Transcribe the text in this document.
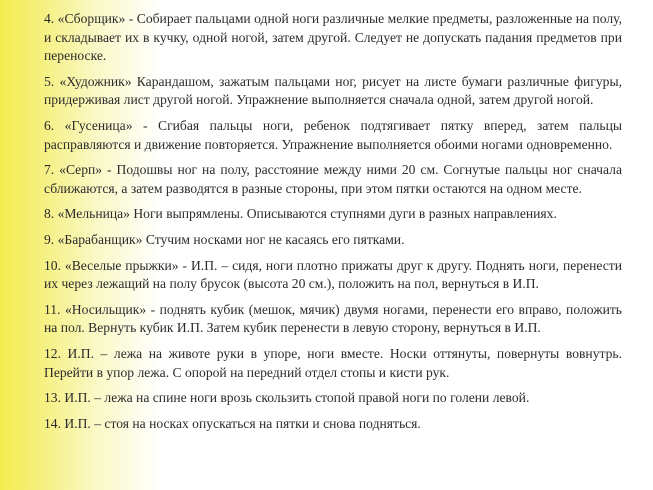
4. «Сборщик» - Собирает пальцами одной ноги различные мелкие предметы, разложенные на полу, и складывает их в кучку, одной ногой, затем другой. Следует не допускать падания предметов при переноске.

5. «Художник» Карандашом, зажатым пальцами ног, рисует на листе бумаги различные фигуры, придерживая лист другой ногой. Упражнение выполняется сначала одной, затем другой ногой.

6. «Гусеница» - Сгибая пальцы ноги, ребенок подтягивает пятку вперед, затем пальцы расправляются и движение повторяется. Упражнение выполняется обоими ногами одновременно.

7. «Серп» - Подошвы ног на полу, расстояние между ними 20 см. Согнутые пальцы ног сначала сближаются, а затем разводятся в разные стороны, при этом пятки остаются на одном месте.

8. «Мельница» Ноги выпрямлены. Описываются ступнями дуги в разных направлениях.

9. «Барабанщик» Стучим носками ног не касаясь его пятками.

10. «Веселые прыжки» - И.П. – сидя, ноги плотно прижаты друг к другу. Поднять ноги, перенести их через лежащий на полу брусок (высота 20 см.), положить на пол, вернуться в И.П.

11. «Носильщик» - поднять кубик (мешок, мячик) двумя ногами, перенести его вправо, положить на пол. Вернуть кубик И.П. Затем кубик перенести в левую сторону, вернуться в И.П.

12. И.П. – лежа на животе руки в упоре, ноги вместе. Носки оттянуты, повернуты вовнутрь. Перейти в упор лежа. С опорой на передний отдел стопы и кисти рук.

13. И.П. – лежа на спине ноги врозь скользить стопой правой ноги по голени левой.

14. И.П. – стоя на носках опускаться на пятки и снова подняться.
